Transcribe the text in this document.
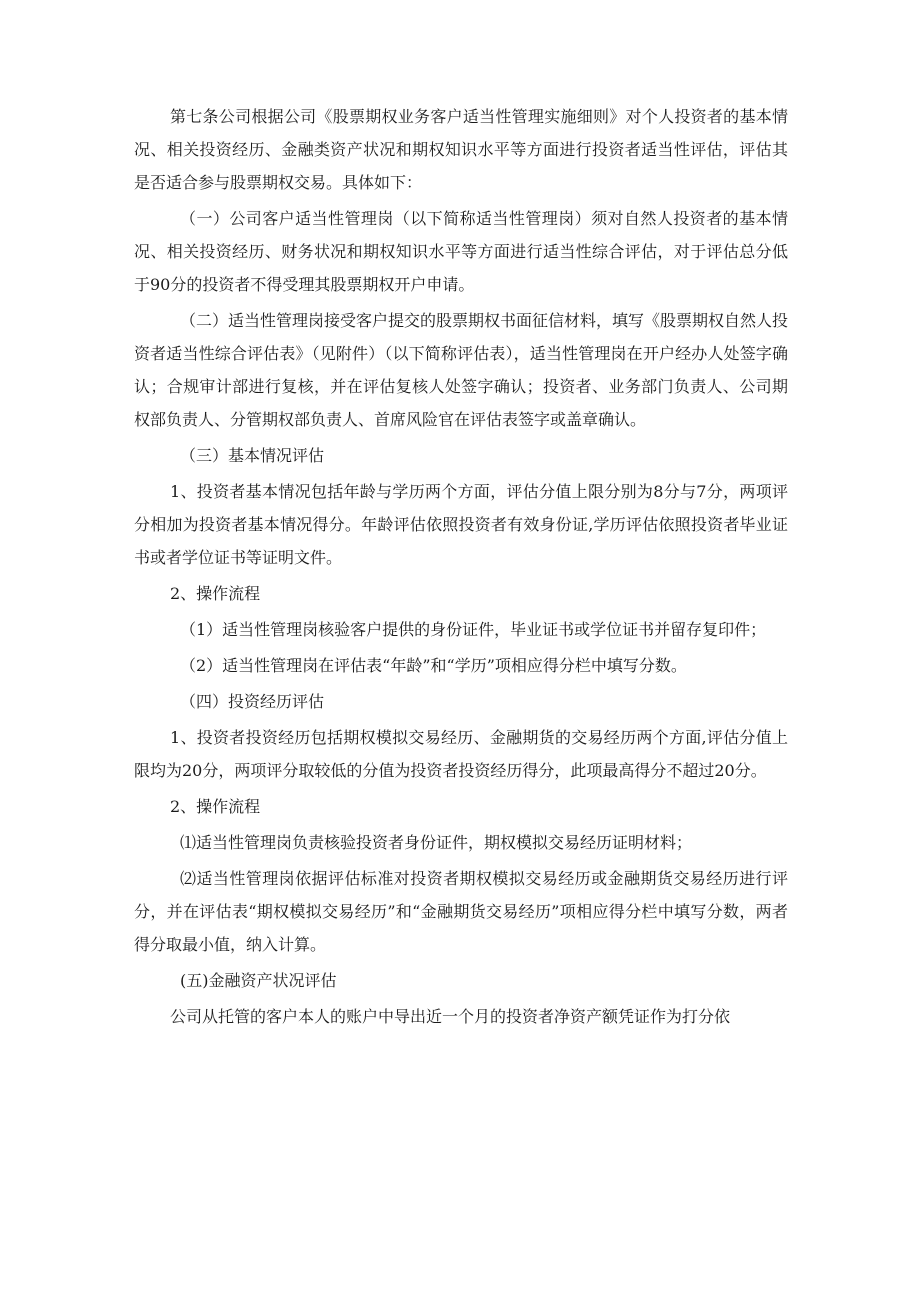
第七条公司根据公司《股票期权业务客户适当性管理实施细则》对个人投资者的基本情况、相关投资经历、金融类资产状况和期权知识水平等方面进行投资者适当性评估，评估其是否适合参与股票期权交易。具体如下：

（一）公司客户适当性管理岗（以下简称适当性管理岗）须对自然人投资者的基本情况、相关投资经历、财务状况和期权知识水平等方面进行适当性综合评估，对于评估总分低于90分的投资者不得受理其股票期权开户申请。

（二）适当性管理岗接受客户提交的股票期权书面征信材料，填写《股票期权自然人投资者适当性综合评估表》（见附件）（以下简称评估表），适当性管理岗在开户经办人处签字确认；合规审计部进行复核，并在评估复核人处签字确认；投资者、业务部门负责人、公司期权部负责人、分管期权部负责人、首席风险官在评估表签字或盖章确认。

（三）基本情况评估

1、投资者基本情况包括年龄与学历两个方面，评估分值上限分别为8分与7分，两项评分相加为投资者基本情况得分。年龄评估依照投资者有效身份证,学历评估依照投资者毕业证书或者学位证书等证明文件。

2、操作流程

（1）适当性管理岗核验客户提供的身份证件，毕业证书或学位证书并留存复印件；

（2）适当性管理岗在评估表“年龄”和“学历”项相应得分栏中填写分数。

（四）投资经历评估

1、投资者投资经历包括期权模拟交易经历、金融期货的交易经历两个方面,评估分值上限均为20分，两项评分取较低的分值为投资者投资经历得分，此项最高得分不超过20分。

2、操作流程

⑴适当性管理岗负责核验投资者身份证件，期权模拟交易经历证明材料；

⑵适当性管理岗依据评估标准对投资者期权模拟交易经历或金融期货交易经历进行评分，并在评估表“期权模拟交易经历”和“金融期货交易经历”项相应得分栏中填写分数，两者得分取最小值，纳入计算。

(五)金融资产状况评估

公司从托管的客户本人的账户中导出近一个月的投资者净资产额凭证作为打分依
